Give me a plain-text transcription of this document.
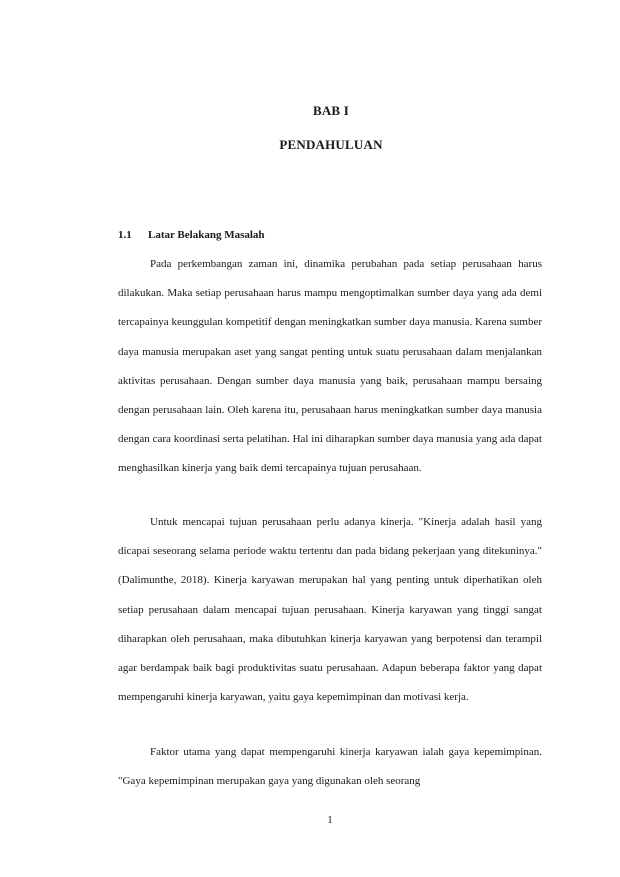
BAB I
PENDAHULUAN
1.1 Latar Belakang Masalah

Pada perkembangan zaman ini, dinamika perubahan pada setiap perusahaan harus dilakukan. Maka setiap perusahaan harus mampu mengoptimalkan sumber daya yang ada demi tercapainya keunggulan kompetitif dengan meningkatkan sumber daya manusia. Karena sumber daya manusia merupakan aset yang sangat penting untuk suatu perusahaan dalam menjalankan aktivitas perusahaan. Dengan sumber daya manusia yang baik, perusahaan mampu bersaing dengan perusahaan lain. Oleh karena itu, perusahaan harus meningkatkan sumber daya manusia dengan cara koordinasi serta pelatihan. Hal ini diharapkan sumber daya manusia yang ada dapat menghasilkan kinerja yang baik demi tercapainya tujuan perusahaan.

Untuk mencapai tujuan perusahaan perlu adanya kinerja. "Kinerja adalah hasil yang dicapai seseorang selama periode waktu tertentu dan pada bidang pekerjaan yang ditekuninya." (Dalimunthe, 2018). Kinerja karyawan merupakan hal yang penting untuk diperhatikan oleh setiap perusahaan dalam mencapai tujuan perusahaan. Kinerja karyawan yang tinggi sangat diharapkan oleh perusahaan, maka dibutuhkan kinerja karyawan yang berpotensi dan terampil agar berdampak baik bagi produktivitas suatu perusahaan. Adapun beberapa faktor yang dapat mempengaruhi kinerja karyawan, yaitu gaya kepemimpinan dan motivasi kerja.

Faktor utama yang dapat mempengaruhi kinerja karyawan ialah gaya kepemimpinan. "Gaya kepemimpinan merupakan gaya yang digunakan oleh seorang

1
